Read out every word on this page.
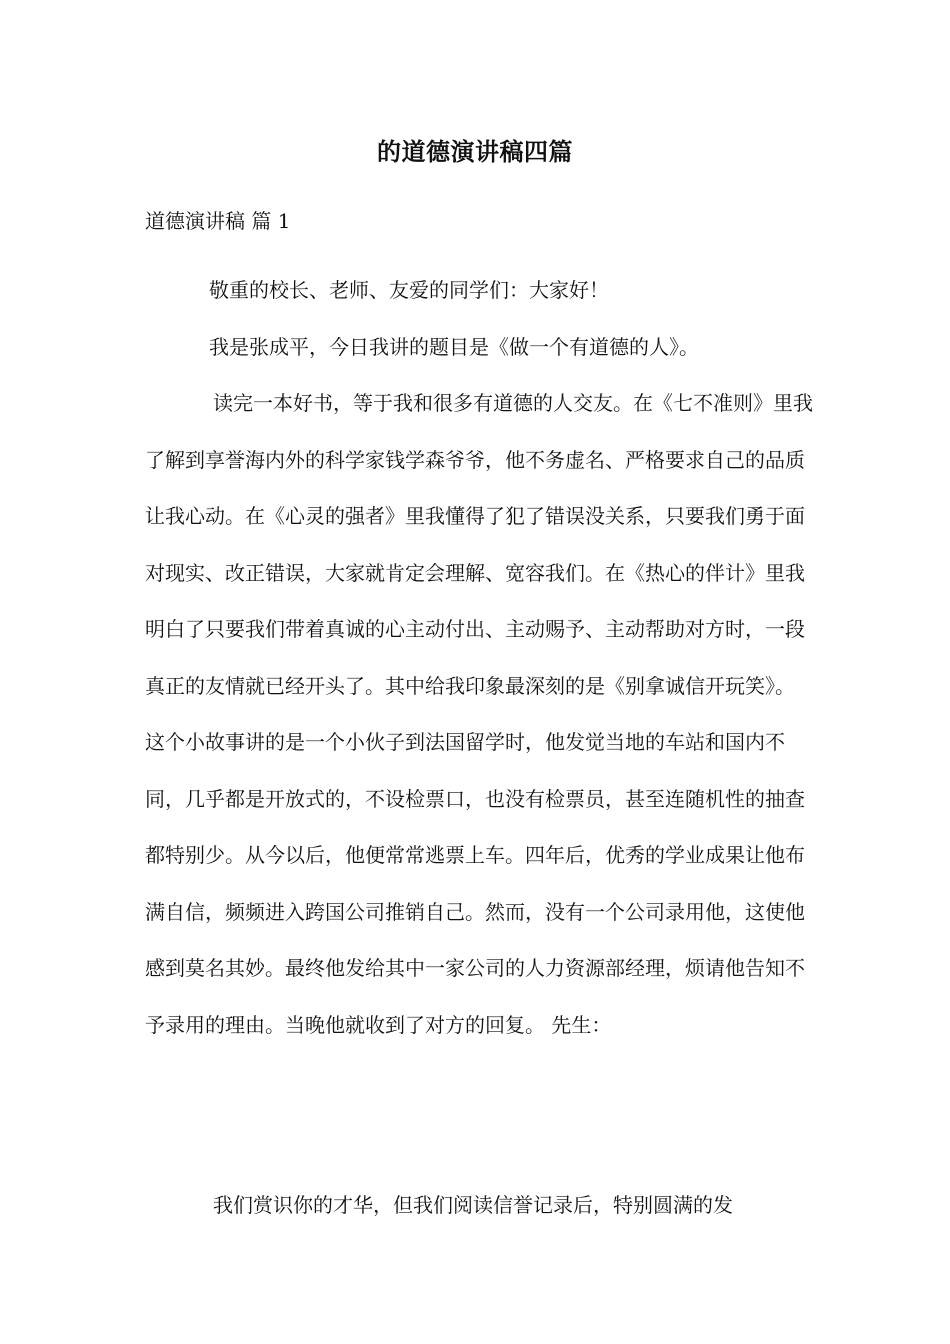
的道德演讲稿四篇
道德演讲稿 篇 1

敬重的校长、老师、友爱的同学们：大家好！

我是张成平，今日我讲的题目是《做一个有道德的人》。

读完一本好书，等于我和很多有道德的人交友。在《七不准则》里我了解到享誉海内外的科学家钱学森爷爷，他不务虚名、严格要求自己的品质让我心动。在《心灵的强者》里我懂得了犯了错误没关系，只要我们勇于面对现实、改正错误，大家就肯定会理解、宽容我们。在《热心的伴计》里我明白了只要我们带着真诚的心主动付出、主动赐予、主动帮助对方时，一段真正的友情就已经开头了。其中给我印象最深刻的是《别拿诚信开玩笑》。这个小故事讲的是一个小伙子到法国留学时，他发觉当地的车站和国内不同，几乎都是开放式的，不设检票口，也没有检票员，甚至连随机性的抽查都特别少。从今以后，他便常常逃票上车。四年后，优秀的学业成果让他布满自信，频频进入跨国公司推销自己。然而，没有一个公司录用他，这使他感到莫名其妙。最终他发给其中一家公司的人力资源部经理，烦请他告知不予录用的理由。当晚他就收到了对方的回复。 先生：

我们赏识你的才华，但我们阅读信誉记录后，特别圆满的发
